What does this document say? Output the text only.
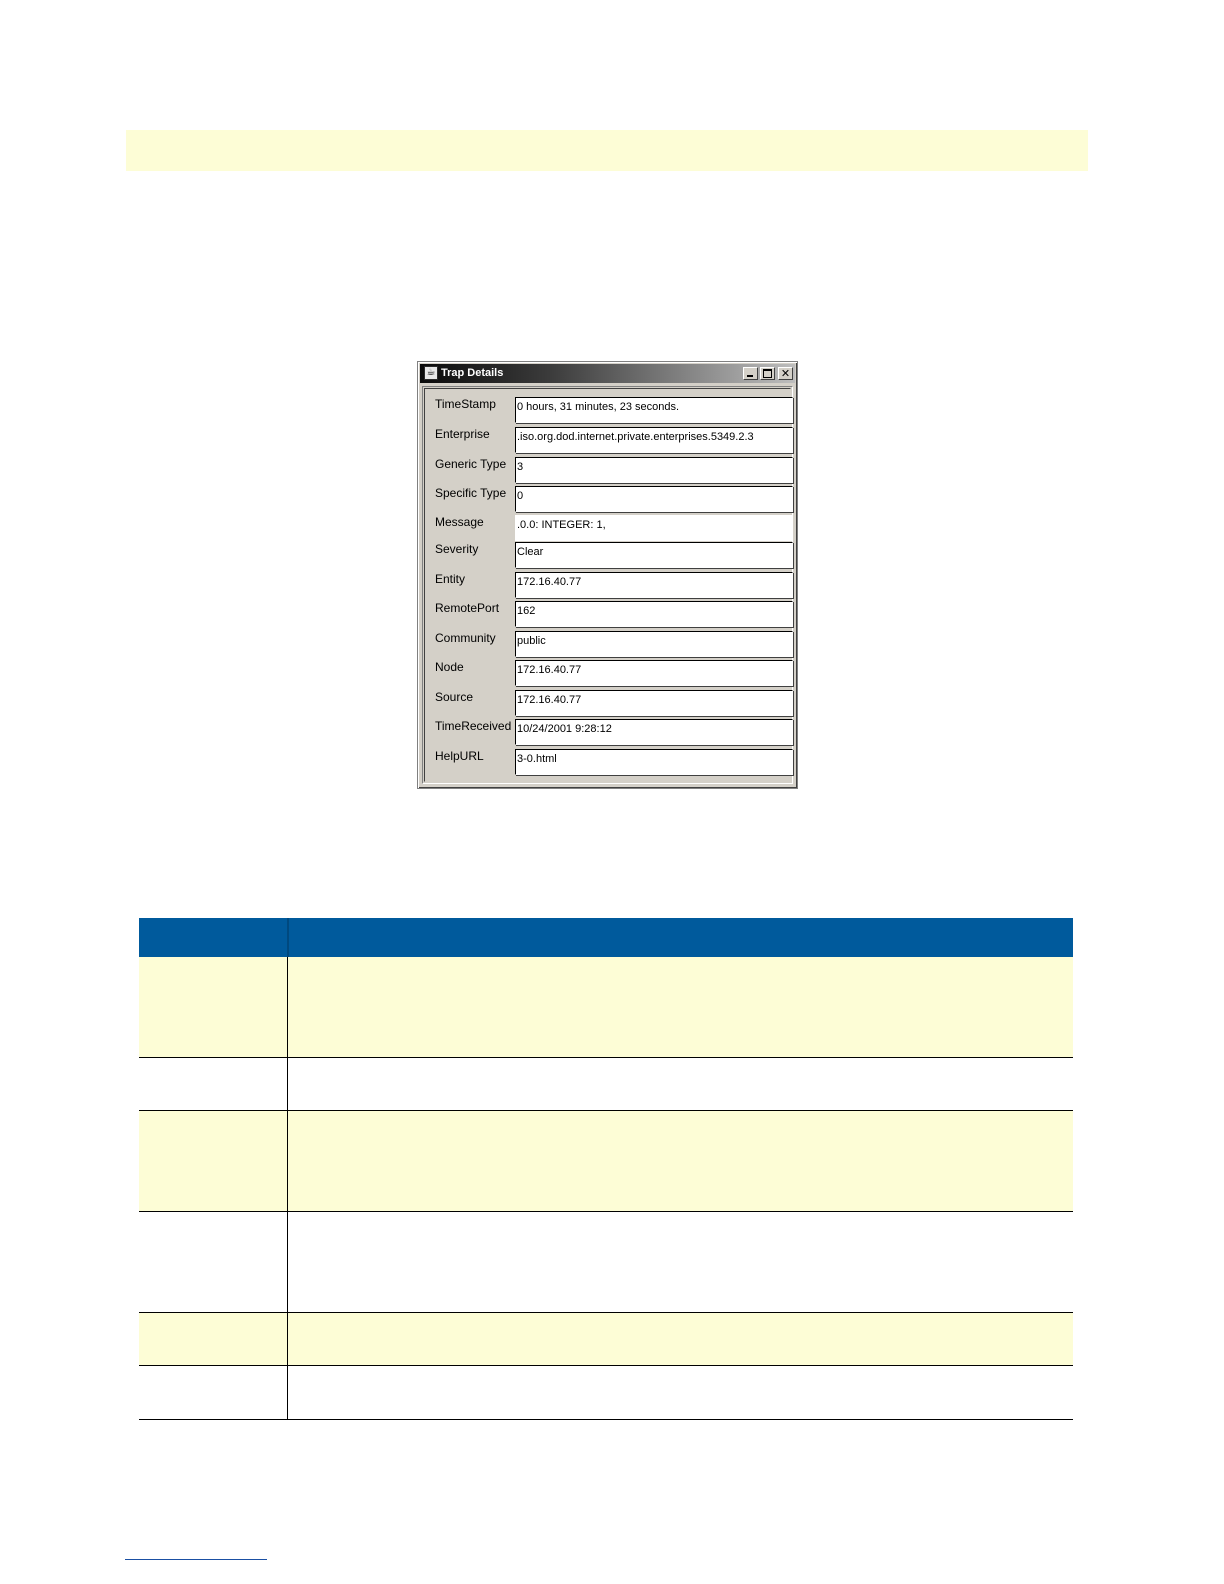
☕ Trap Details	✕
TimeStamp 0 hours, 31 minutes, 23 seconds.
Enterprise .iso.org.dod.internet.private.enterprises.5349.2.3
Generic Type 3
Specific Type 0
Message	.0.0: INTEGER: 1,
Severity	Clear
Entity	172.16.40.77
RemotePort 162
Community public
Node	172.16.40.77
Source	172.16.40.77
TimeReceived 10/24/2001 9:28:12
HelpURL	3-0.html
